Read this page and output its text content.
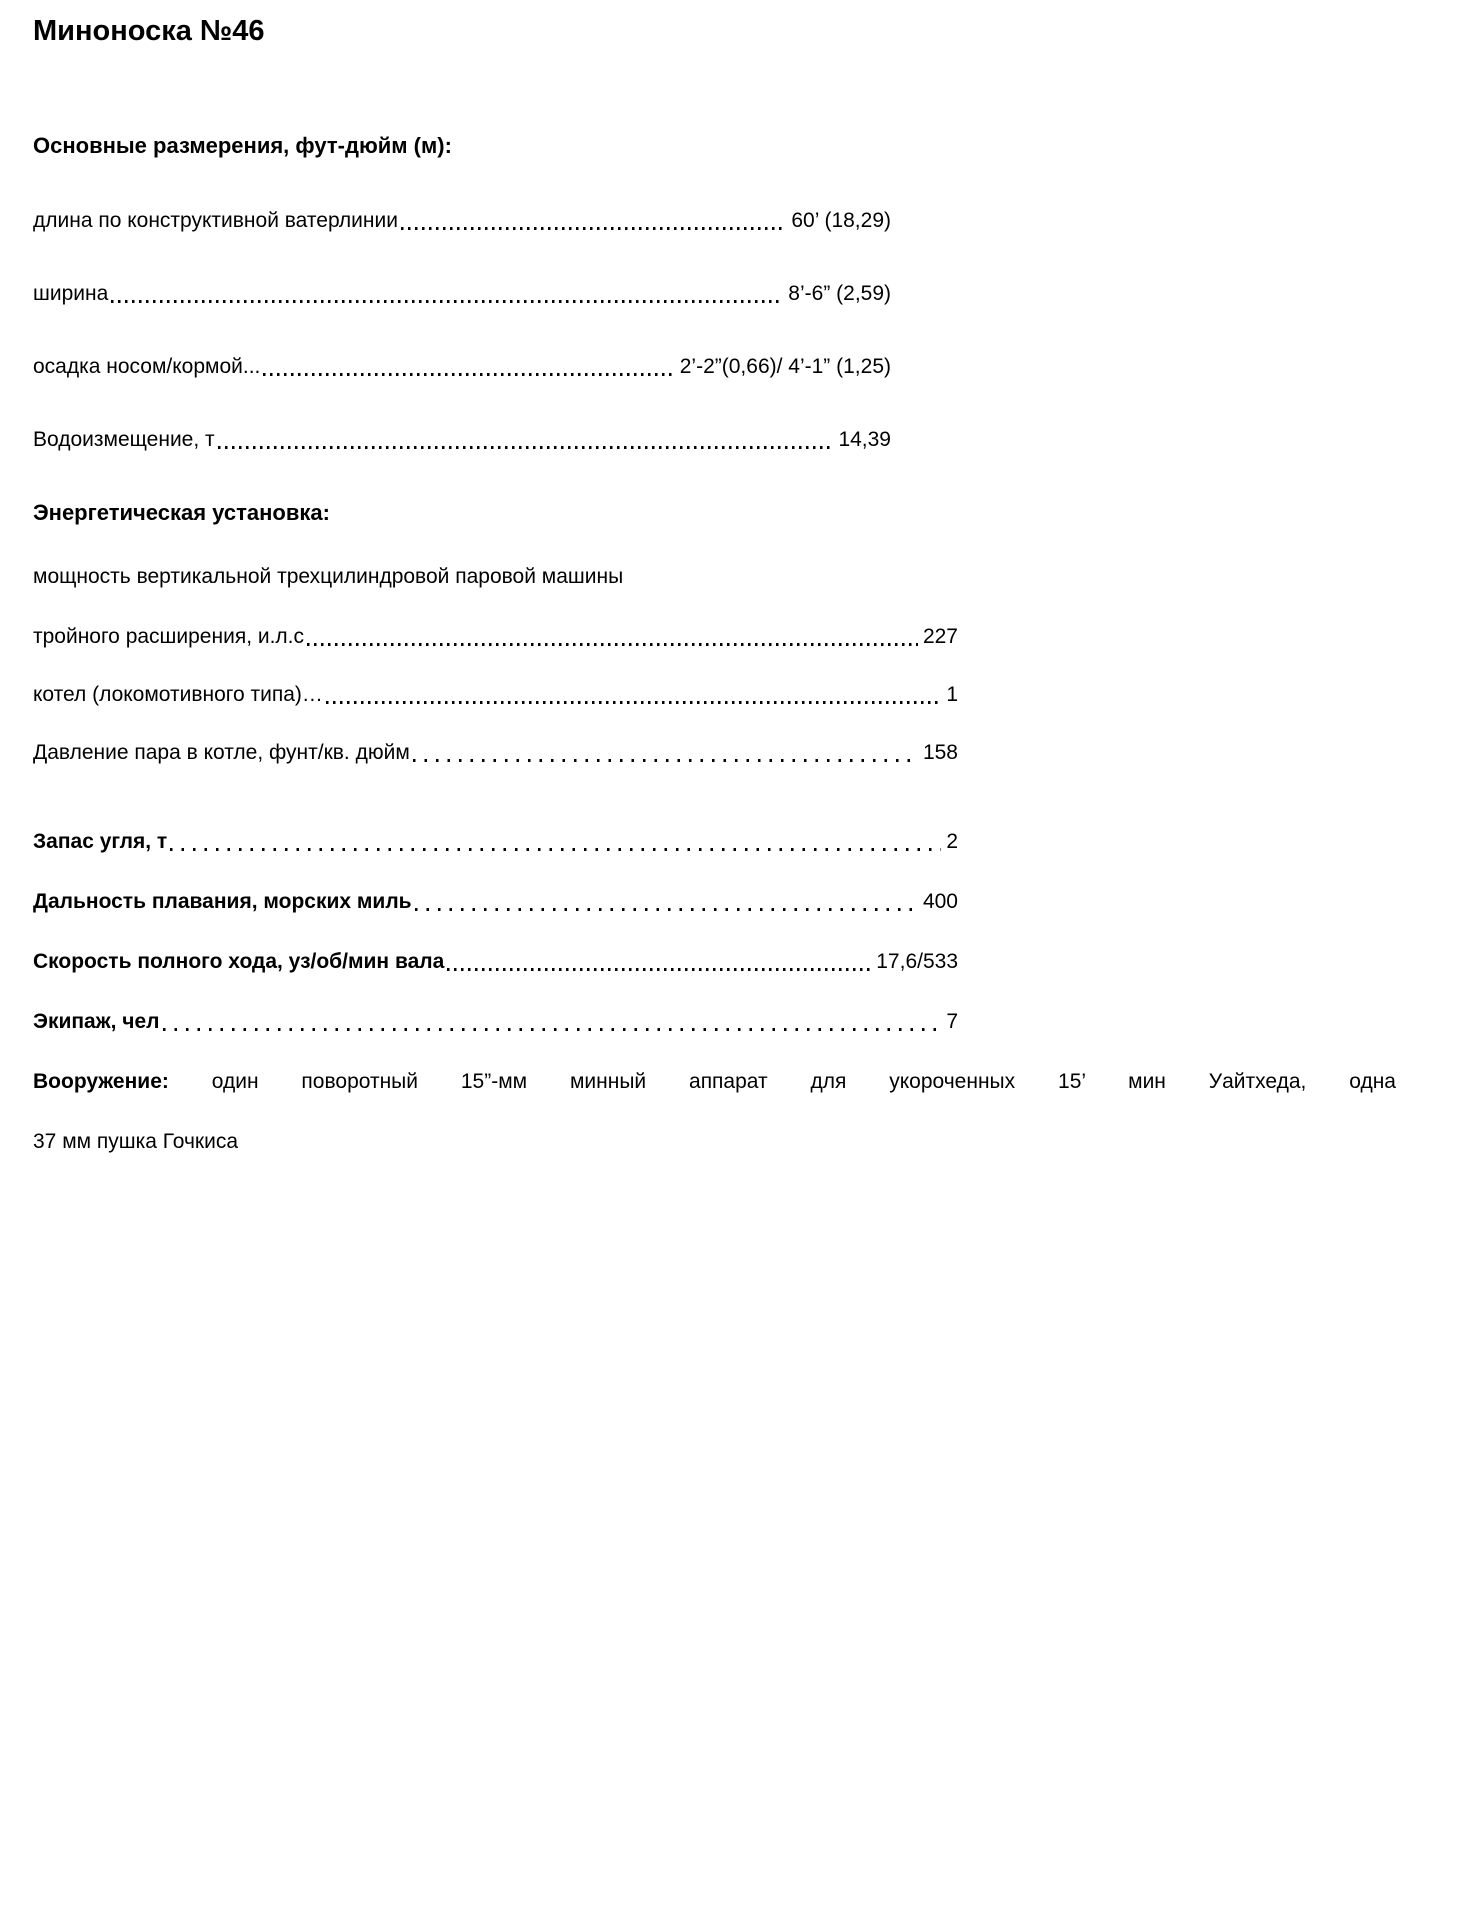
Миноноска №46
Основные размерения, фут-дюйм (м):
длина по конструктивной ватерлинии	60’ (18,29)
ширина	8’-6” (2,59)
осадка носом/кормой...	2’-2”(0,66)/ 4’-1” (1,25)
Водоизмещение, т	14,39
Энергетическая установка:
мощность вертикальной трехцилиндровой паровой машины
тройного расширения, и.л.с	227
котел (локомотивного типа)…	1
Давление пара в котле, фунт/кв. дюйм	158
Запас угля, т	2
Дальность плавания, морских миль	400
Скорость полного хода, уз/об/мин вала	17,6/533
Экипаж, чел	7
Вооружение: один поворотный 15”-мм минный аппарат для укороченных 15’ мин Уайтхеда, одна
37 мм пушка Гочкиса
